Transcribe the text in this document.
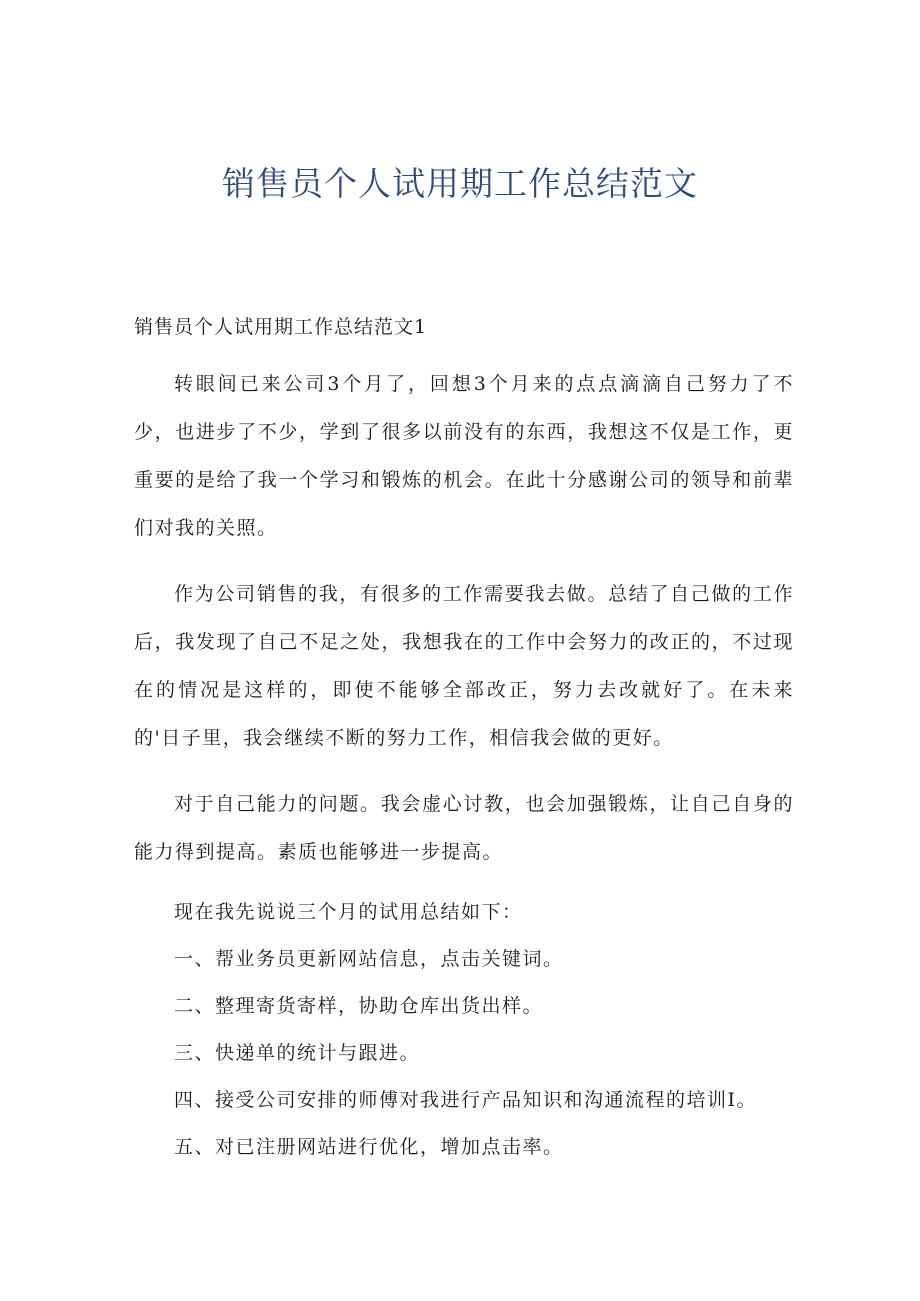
销售员个人试用期工作总结范文

销售员个人试用期工作总结范文1

转眼间已来公司3个月了，回想3个月来的点点滴滴自己努力了不少，也进步了不少，学到了很多以前没有的东西，我想这不仅是工作，更重要的是给了我一个学习和锻炼的机会。在此十分感谢公司的领导和前辈们对我的关照。

作为公司销售的我，有很多的工作需要我去做。总结了自己做的工作后，我发现了自己不足之处，我想我在的工作中会努力的改正的，不过现在的情况是这样的，即使不能够全部改正，努力去改就好了。在未来的'日子里，我会继续不断的努力工作，相信我会做的更好。

对于自己能力的问题。我会虚心讨教，也会加强锻炼，让自己自身的能力得到提高。素质也能够进一步提高。

现在我先说说三个月的试用总结如下：

一、帮业务员更新网站信息，点击关键词。

二、整理寄货寄样，协助仓库出货出样。

三、快递单的统计与跟进。

四、接受公司安排的师傅对我进行产品知识和沟通流程的培训I。

五、对已注册网站进行优化，增加点击率。
